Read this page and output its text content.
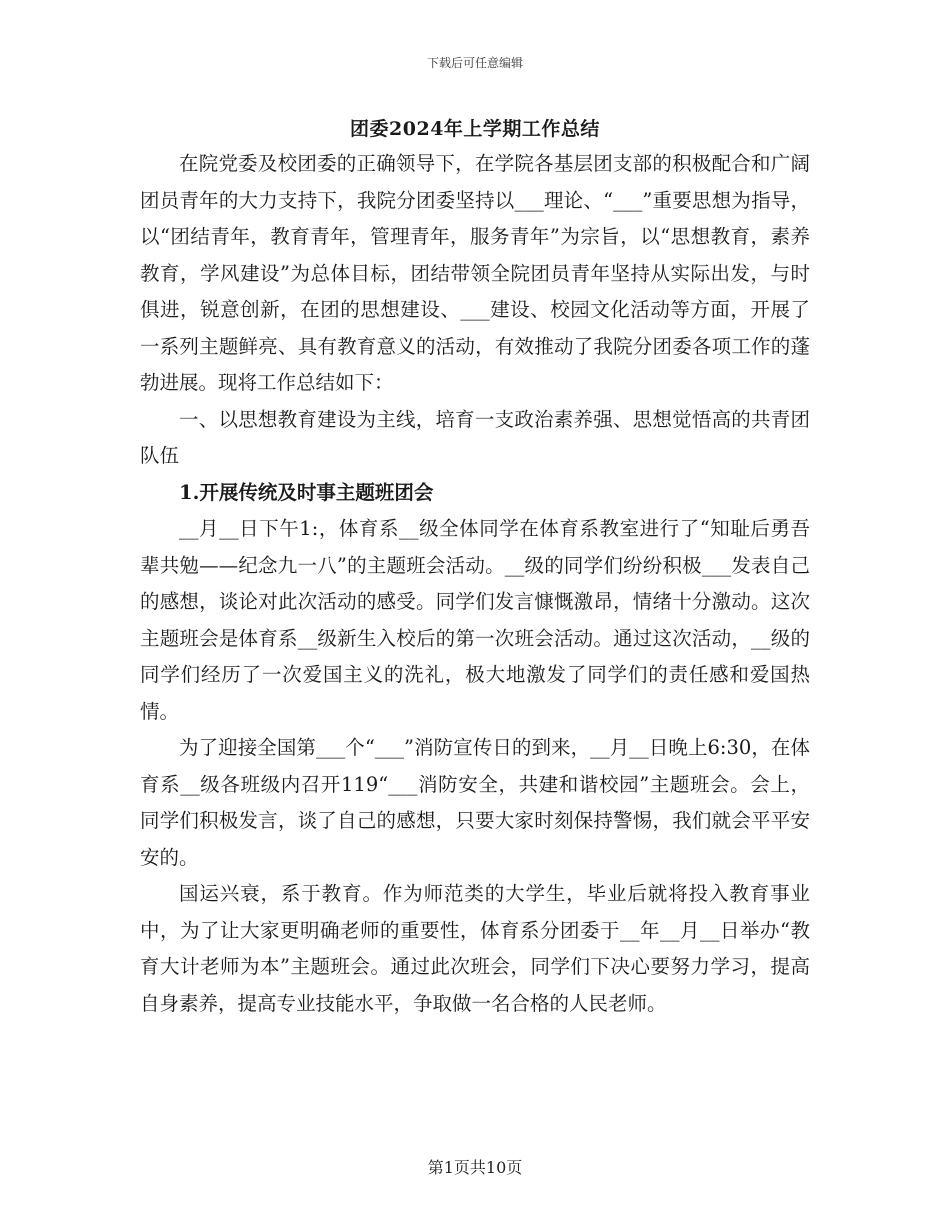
下载后可任意编辑
团委2024年上学期工作总结

在院党委及校团委的正确领导下，在学院各基层团支部的积极配合和广阔团员青年的大力支持下，我院分团委坚持以___理论、“___”重要思想为指导，以“团结青年，教育青年，管理青年，服务青年”为宗旨，以“思想教育，素养教育，学风建设”为总体目标，团结带领全院团员青年坚持从实际出发，与时俱进，锐意创新，在团的思想建设、___建设、校园文化活动等方面，开展了一系列主题鲜亮、具有教育意义的活动，有效推动了我院分团委各项工作的蓬勃进展。现将工作总结如下：

一、以思想教育建设为主线，培育一支政治素养强、思想觉悟高的共青团队伍

1.开展传统及时事主题班团会

__月__日下午1:，体育系__级全体同学在体育系教室进行了“知耻后勇吾辈共勉——纪念九一八”的主题班会活动。__级的同学们纷纷积极___发表自己的感想，谈论对此次活动的感受。同学们发言慷慨激昂，情绪十分激动。这次主题班会是体育系__级新生入校后的第一次班会活动。通过这次活动，__级的同学们经历了一次爱国主义的洗礼，极大地激发了同学们的责任感和爱国热情。

为了迎接全国第___个“___”消防宣传日的到来，__月__日晚上6:30，在体育系__级各班级内召开119“___消防安全，共建和谐校园”主题班会。会上，同学们积极发言，谈了自己的感想，只要大家时刻保持警惕，我们就会平平安安的。

国运兴衰，系于教育。作为师范类的大学生，毕业后就将投入教育事业中，为了让大家更明确老师的重要性，体育系分团委于__年__月__日举办“教育大计老师为本”主题班会。通过此次班会，同学们下决心要努力学习，提高自身素养，提高专业技能水平，争取做一名合格的人民老师。

第1页共10页
